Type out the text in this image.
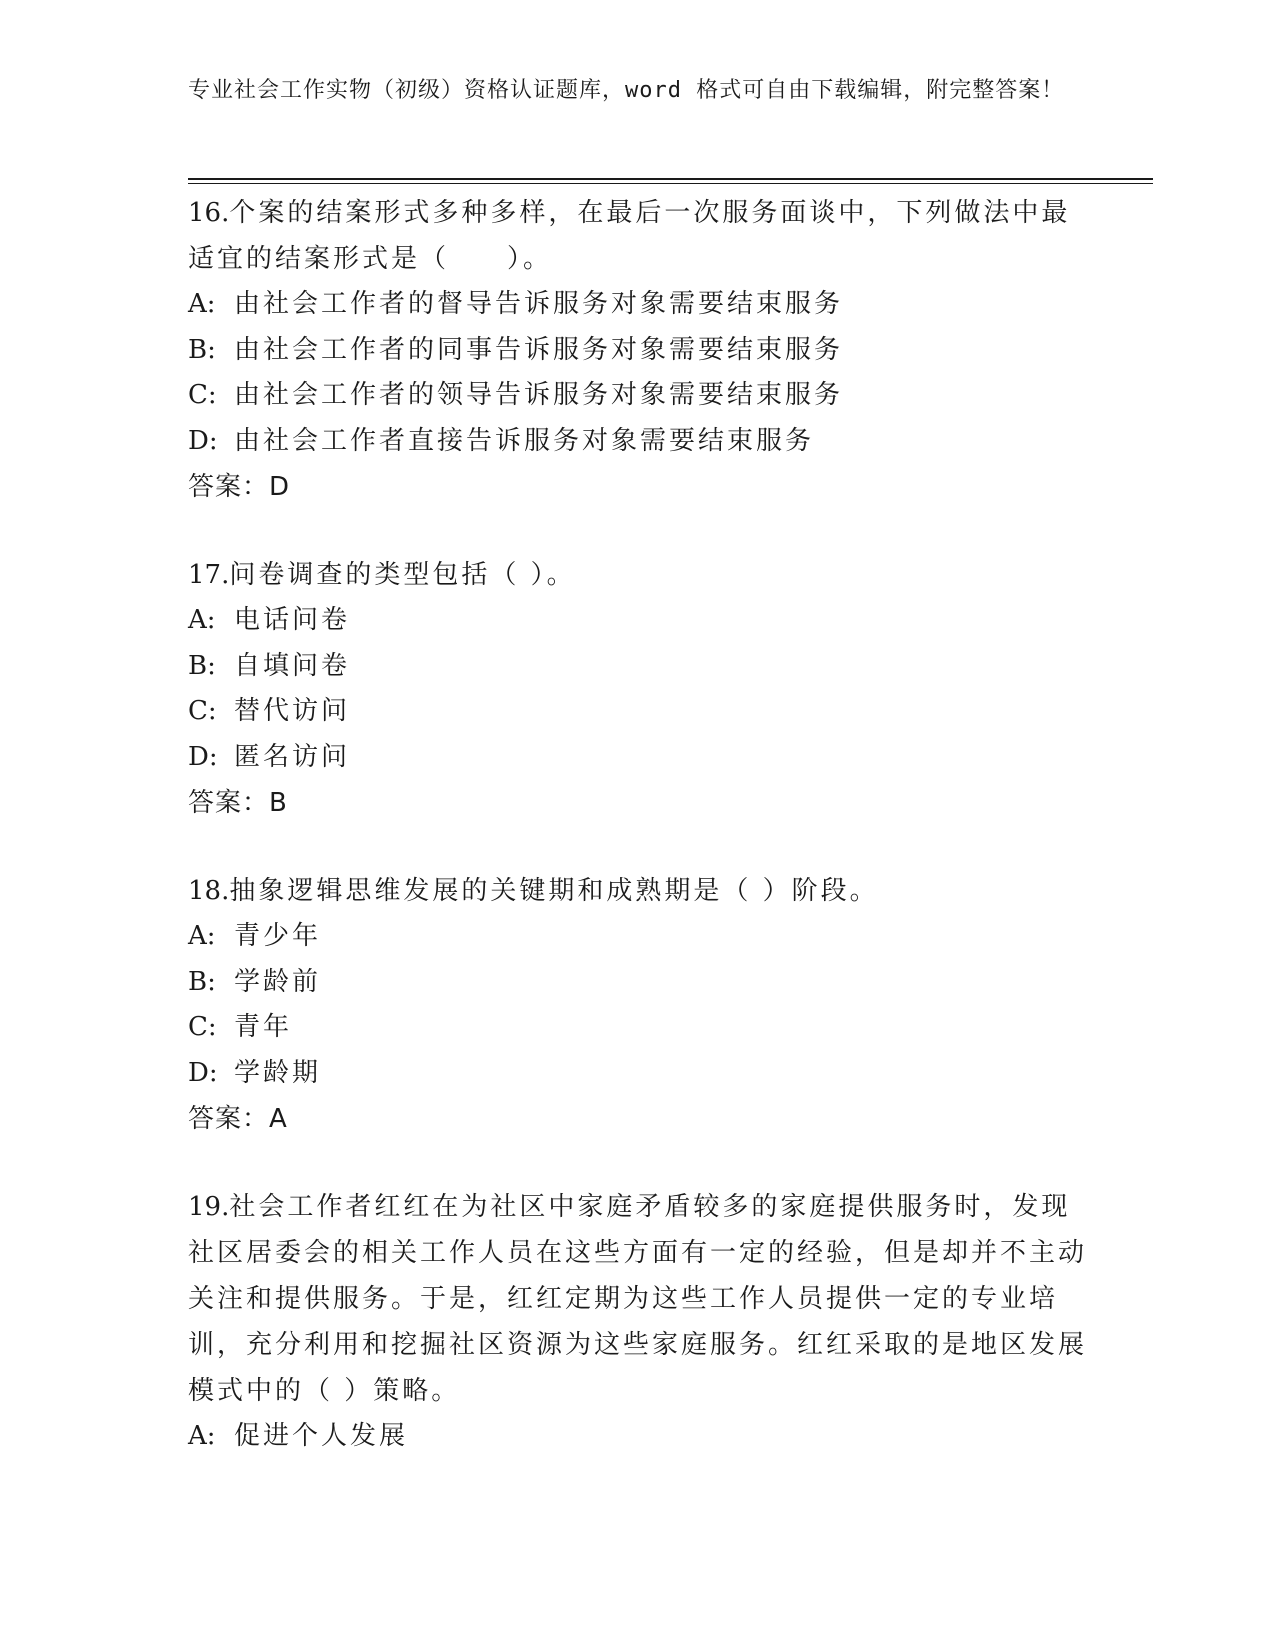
专业社会工作实物（初级）资格认证题库，word 格式可自由下载编辑，附完整答案！

16.个案的结案形式多种多样，在最后一次服务面谈中，下列做法中最适宜的结案形式是（　　）。

A: 由社会工作者的督导告诉服务对象需要结束服务

B: 由社会工作者的同事告诉服务对象需要结束服务

C: 由社会工作者的领导告诉服务对象需要结束服务

D: 由社会工作者直接告诉服务对象需要结束服务

答案：D

17.问卷调查的类型包括（ ）。

A: 电话问卷

B: 自填问卷

C: 替代访问

D: 匿名访问

答案：B

18.抽象逻辑思维发展的关键期和成熟期是（ ）阶段。

A: 青少年

B: 学龄前

C: 青年

D: 学龄期

答案：A

19.社会工作者红红在为社区中家庭矛盾较多的家庭提供服务时，发现社区居委会的相关工作人员在这些方面有一定的经验，但是却并不主动关注和提供服务。于是，红红定期为这些工作人员提供一定的专业培训，充分利用和挖掘社区资源为这些家庭服务。红红采取的是地区发展模式中的（ ）策略。

A: 促进个人发展
